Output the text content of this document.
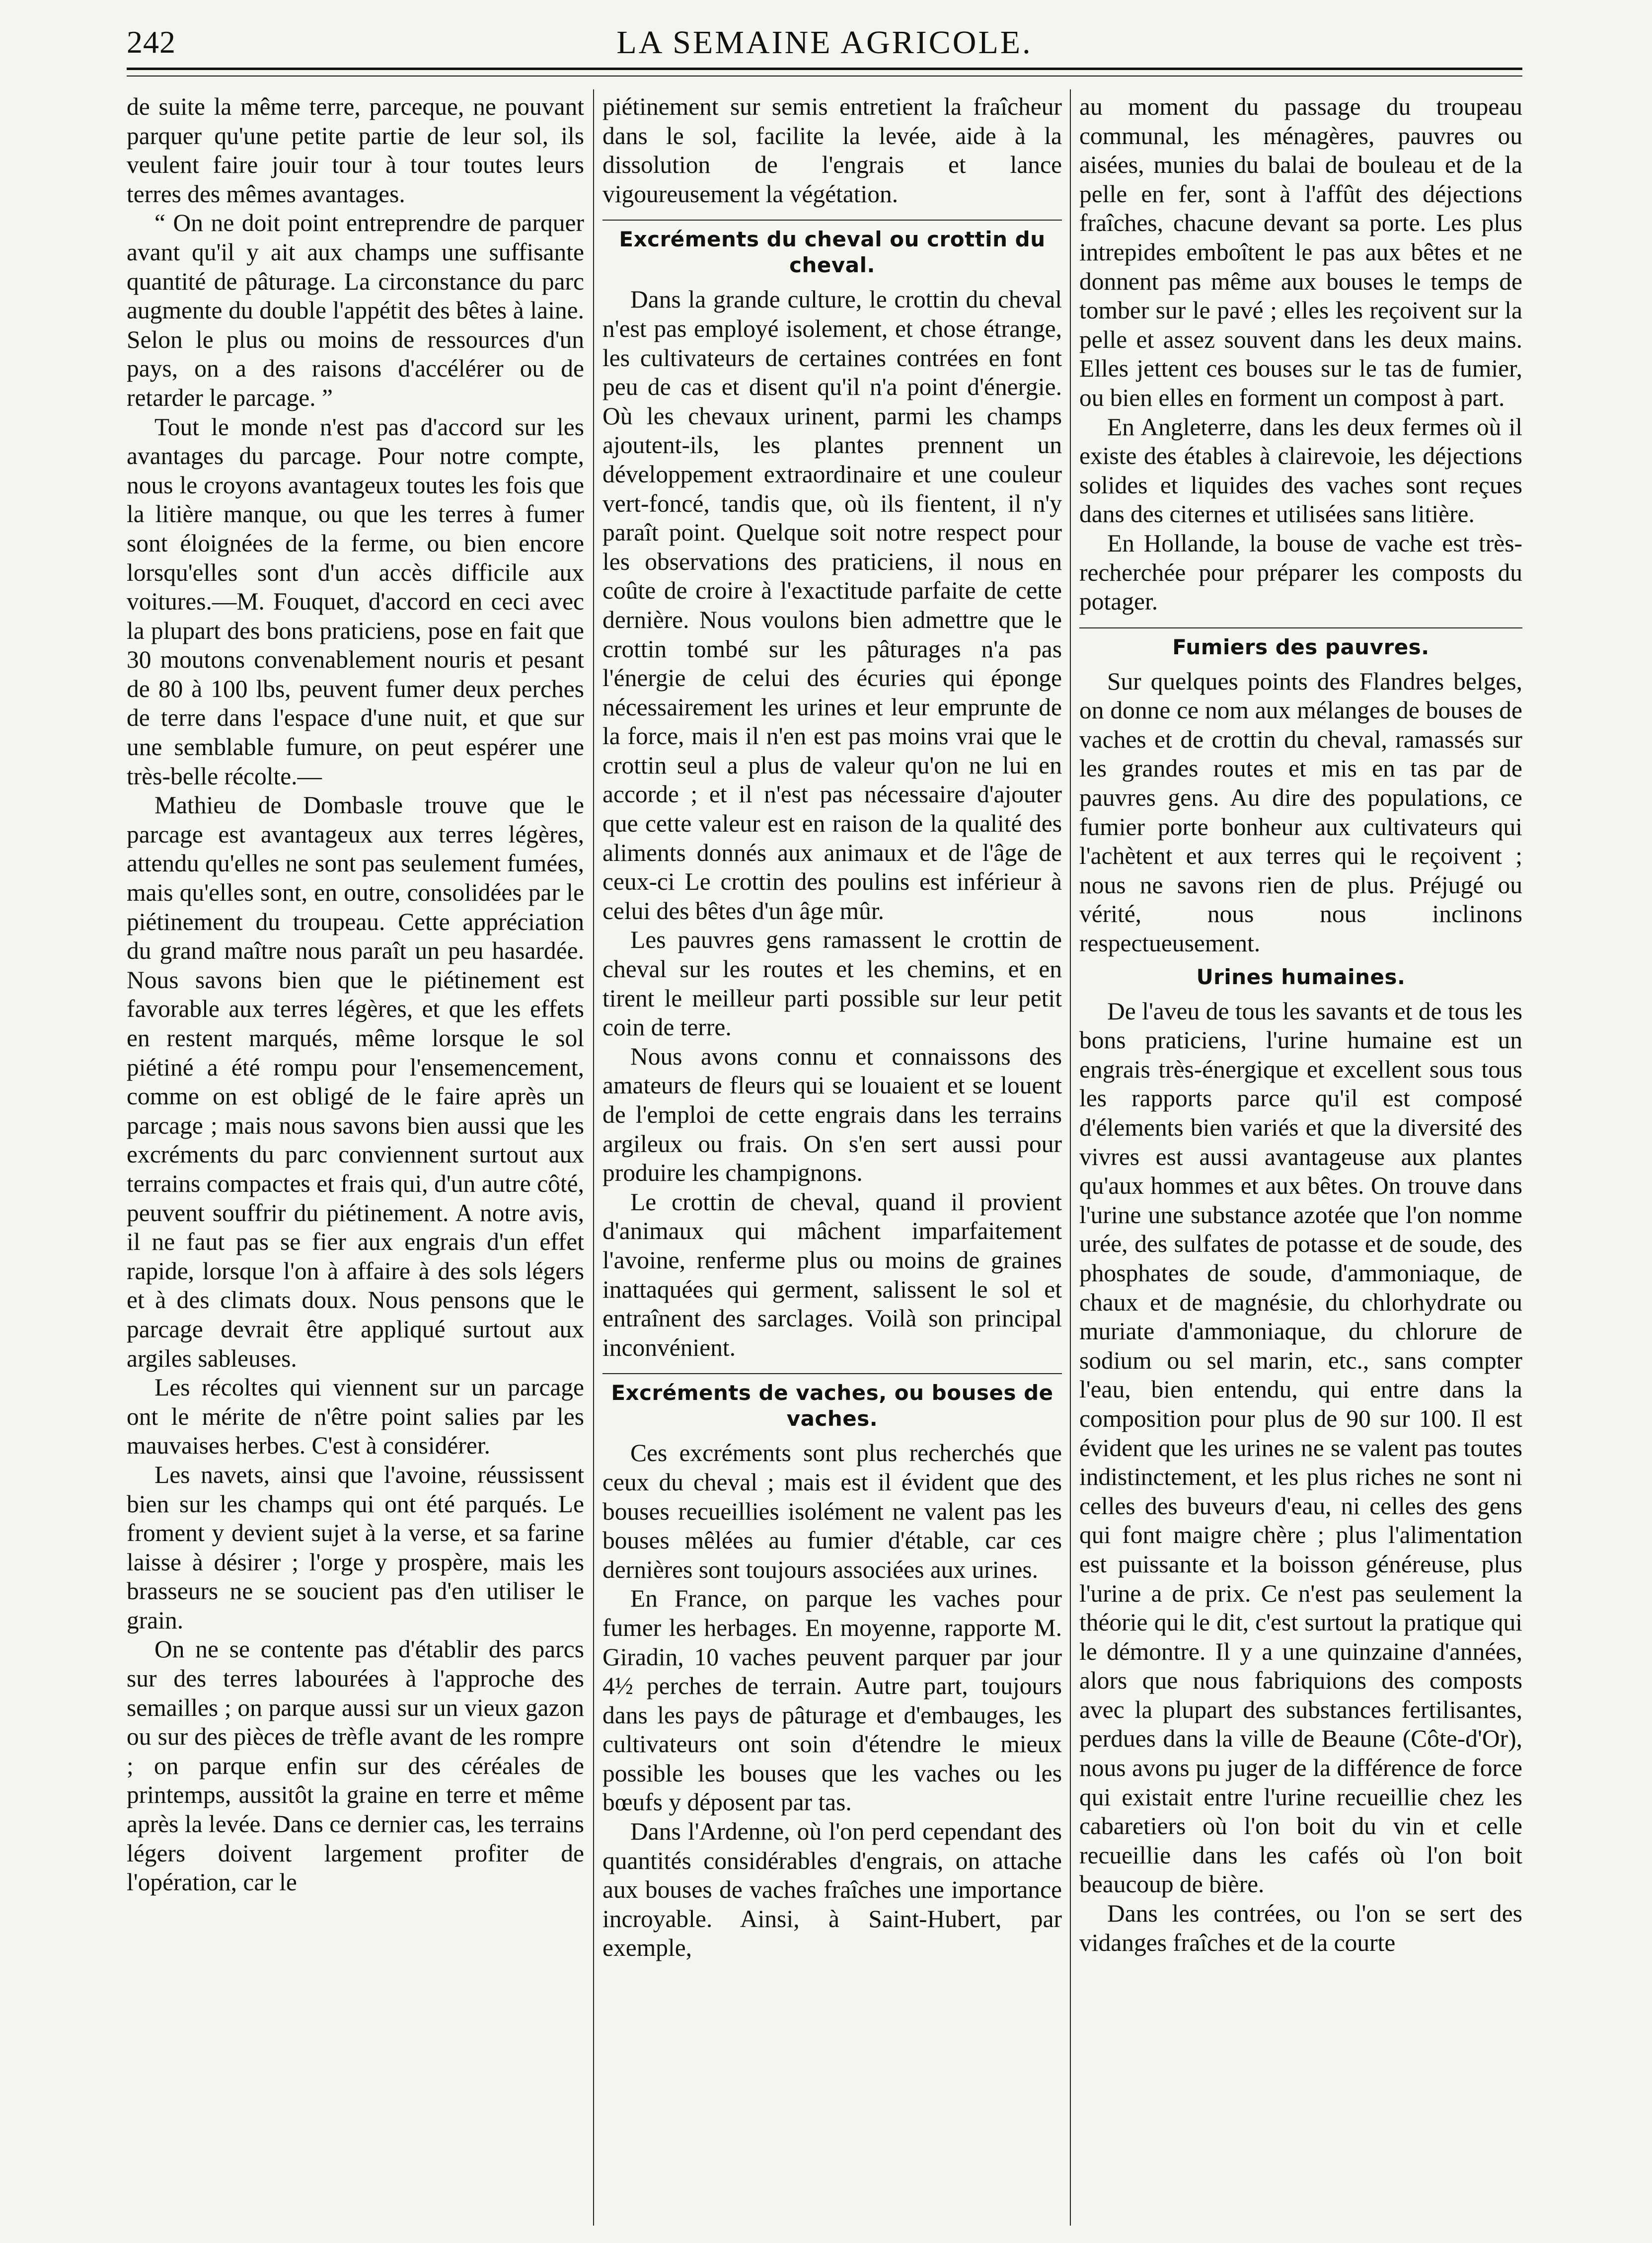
242	LA SEMAINE AGRICOLE.

de suite la même terre, parceque, ne pouvant parquer qu'une petite partie de leur sol, ils veulent faire jouir tour à tour toutes leurs terres des mêmes avantages.

“ On ne doit point entreprendre de parquer avant qu'il y ait aux champs une suffisante quantité de pâturage. La circonstance du parc augmente du double l'appétit des bêtes à laine. Selon le plus ou moins de ressources d'un pays, on a des raisons d'accélérer ou de retarder le parcage. ”

Tout le monde n'est pas d'accord sur les avantages du parcage. Pour notre compte, nous le croyons avantageux toutes les fois que la litière manque, ou que les terres à fumer sont éloignées de la ferme, ou bien encore lorsqu'elles sont d'un accès difficile aux voitures.—M. Fouquet, d'accord en ceci avec la plupart des bons praticiens, pose en fait que 30 moutons convenablement nouris et pesant de 80 à 100 lbs, peuvent fumer deux perches de terre dans l'espace d'une nuit, et que sur une semblable fumure, on peut espérer une très-belle récolte.—

Mathieu de Dombasle trouve que le parcage est avantageux aux terres légères, attendu qu'elles ne sont pas seulement fumées, mais qu'elles sont, en outre, consolidées par le piétinement du troupeau. Cette appréciation du grand maître nous paraît un peu hasardée. Nous savons bien que le piétinement est favorable aux terres légères, et que les effets en restent marqués, même lorsque le sol piétiné a été rompu pour l'ensemencement, comme on est obligé de le faire après un parcage ; mais nous savons bien aussi que les excréments du parc conviennent surtout aux terrains compactes et frais qui, d'un autre côté, peuvent souffrir du piétinement. A notre avis, il ne faut pas se fier aux engrais d'un effet rapide, lorsque l'on à affaire à des sols légers et à des climats doux. Nous pensons que le parcage devrait être appliqué surtout aux argiles sableuses.

Les récoltes qui viennent sur un parcage ont le mérite de n'être point salies par les mauvaises herbes. C'est à considérer.

Les navets, ainsi que l'avoine, réussissent bien sur les champs qui ont été parqués. Le froment y devient sujet à la verse, et sa farine laisse à désirer ; l'orge y prospère, mais les brasseurs ne se soucient pas d'en utiliser le grain.

On ne se contente pas d'établir des parcs sur des terres labourées à l'approche des semailles ; on parque aussi sur un vieux gazon ou sur des pièces de trèfle avant de les rompre ; on parque enfin sur des céréales de printemps, aussitôt la graine en terre et même après la levée. Dans ce dernier cas, les terrains légers doivent largement profiter de l'opération, car le

piétinement sur semis entretient la fraîcheur dans le sol, facilite la levée, aide à la dissolution de l'engrais et lance vigoureusement la végétation.

Excréments du cheval ou crottin du cheval.

Dans la grande culture, le crottin du cheval n'est pas employé isolement, et chose étrange, les cultivateurs de certaines contrées en font peu de cas et disent qu'il n'a point d'énergie. Où les chevaux urinent, parmi les champs ajoutent-ils, les plantes prennent un développement extraordinaire et une couleur vert-foncé, tandis que, où ils fientent, il n'y paraît point. Quelque soit notre respect pour les observations des praticiens, il nous en coûte de croire à l'exactitude parfaite de cette dernière. Nous voulons bien admettre que le crottin tombé sur les pâturages n'a pas l'énergie de celui des écuries qui éponge nécessairement les urines et leur emprunte de la force, mais il n'en est pas moins vrai que le crottin seul a plus de valeur qu'on ne lui en accorde ; et il n'est pas nécessaire d'ajouter que cette valeur est en raison de la qualité des aliments donnés aux animaux et de l'âge de ceux-ci Le crottin des poulins est inférieur à celui des bêtes d'un âge mûr.

Les pauvres gens ramassent le crottin de cheval sur les routes et les chemins, et en tirent le meilleur parti possible sur leur petit coin de terre.

Nous avons connu et connaissons des amateurs de fleurs qui se louaient et se louent de l'emploi de cette engrais dans les terrains argileux ou frais. On s'en sert aussi pour produire les champignons.

Le crottin de cheval, quand il provient d'animaux qui mâchent imparfaitement l'avoine, renferme plus ou moins de graines inattaquées qui germent, salissent le sol et entraînent des sarclages. Voilà son principal inconvénient.

Excréments de vaches, ou bouses de vaches.

Ces excréments sont plus recherchés que ceux du cheval ; mais est il évident que des bouses recueillies isolément ne valent pas les bouses mêlées au fumier d'étable, car ces dernières sont toujours associées aux urines.

En France, on parque les vaches pour fumer les herbages. En moyenne, rapporte M. Giradin, 10 vaches peuvent parquer par jour 4½ perches de terrain. Autre part, toujours dans les pays de pâturage et d'embauges, les cultivateurs ont soin d'étendre le mieux possible les bouses que les vaches ou les bœufs y déposent par tas.

Dans l'Ardenne, où l'on perd cependant des quantités considérables d'engrais, on attache aux bouses de vaches fraîches une importance incroyable. Ainsi, à Saint-Hubert, par exemple,

au moment du passage du troupeau communal, les ménagères, pauvres ou aisées, munies du balai de bouleau et de la pelle en fer, sont à l'affût des déjections fraîches, chacune devant sa porte. Les plus intrepides emboîtent le pas aux bêtes et ne donnent pas même aux bouses le temps de tomber sur le pavé ; elles les reçoivent sur la pelle et assez souvent dans les deux mains. Elles jettent ces bouses sur le tas de fumier, ou bien elles en forment un compost à part.

En Angleterre, dans les deux fermes où il existe des étables à clairevoie, les déjections solides et liquides des vaches sont reçues dans des citernes et utilisées sans litière.

En Hollande, la bouse de vache est très-recherchée pour préparer les composts du potager.

Fumiers des pauvres.

Sur quelques points des Flandres belges, on donne ce nom aux mélanges de bouses de vaches et de crottin du cheval, ramassés sur les grandes routes et mis en tas par de pauvres gens. Au dire des populations, ce fumier porte bonheur aux cultivateurs qui l'achètent et aux terres qui le reçoivent ; nous ne savons rien de plus. Préjugé ou vérité, nous nous inclinons respectueusement.

Urines humaines.

De l'aveu de tous les savants et de tous les bons praticiens, l'urine humaine est un engrais très-énergique et excellent sous tous les rapports parce qu'il est composé d'élements bien variés et que la diversité des vivres est aussi avantageuse aux plantes qu'aux hommes et aux bêtes. On trouve dans l'urine une substance azotée que l'on nomme urée, des sulfates de potasse et de soude, des phosphates de soude, d'ammoniaque, de chaux et de magnésie, du chlorhydrate ou muriate d'ammoniaque, du chlorure de sodium ou sel marin, etc., sans compter l'eau, bien entendu, qui entre dans la composition pour plus de 90 sur 100. Il est évident que les urines ne se valent pas toutes indistinctement, et les plus riches ne sont ni celles des buveurs d'eau, ni celles des gens qui font maigre chère ; plus l'alimentation est puissante et la boisson généreuse, plus l'urine a de prix. Ce n'est pas seulement la théorie qui le dit, c'est surtout la pratique qui le démontre. Il y a une quinzaine d'années, alors que nous fabriquions des composts avec la plupart des substances fertilisantes, perdues dans la ville de Beaune (Côte-d'Or), nous avons pu juger de la différence de force qui existait entre l'urine recueillie chez les cabaretiers où l'on boit du vin et celle recueillie dans les cafés où l'on boit beaucoup de bière.

Dans les contrées, ou l'on se sert des vidanges fraîches et de la courte
